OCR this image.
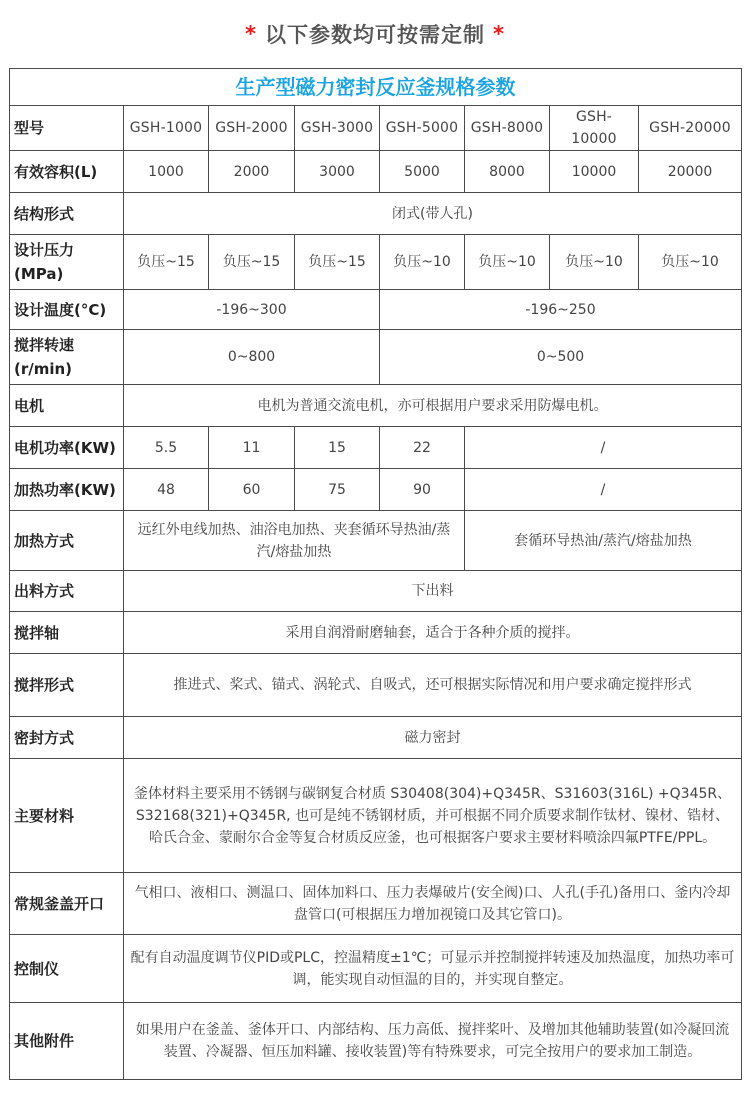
* 以下参数均可按需定制 *
生产型磁力密封反应釜规格参数							
型号	GSH-1000	GSH-2000	GSH-3000	GSH-5000	GSH-8000	GSH-10000	GSH-20000
有效容积(L)	1000	2000	3000	5000	8000	10000	20000
结构形式	闭式(带人孔)						
设计压力(MPa)	负压~15	负压~15	负压~15	负压~10	负压~10	负压~10	负压~10
设计温度(°C)	-196~300			-196~250			
搅拌转速(r/min)	0~800			0~500			
电机	电机为普通交流电机，亦可根据用户要求采用防爆电机。						
电机功率(KW)	5.5	11	15	22	/		
加热功率(KW)	48	60	75	90	/		
加热方式	远红外电线加热、油浴电加热、夹套循环导热油/蒸汽/熔盐加热				套循环导热油/蒸汽/熔盐加热		
出料方式	下出料						
搅拌轴	采用自润滑耐磨轴套，适合于各种介质的搅拌。						
搅拌形式	推进式、桨式、锚式、涡轮式、自吸式，还可根据实际情况和用户要求确定搅拌形式						
密封方式	磁力密封						
主要材料	釜体材料主要采用不锈钢与碳钢复合材质 S30408(304)+Q345R、S31603(316L) +Q345R、S32168(321)+Q345R, 也可是纯不锈钢材质，并可根据不同介质要求制作钛材、镍材、锆材、哈氏合金、蒙耐尔合金等复合材质反应釜，也可根据客户要求主要材料喷涂四氟PTFE/PPL。						
常规釜盖开口	气相口、液相口、测温口、固体加料口、压力表爆破片(安全阀)口、人孔(手孔)备用口、釜内冷却盘管口(可根据压力增加视镜口及其它管口)。						
控制仪	配有自动温度调节仪PID或PLC，控温精度±1℃；可显示并控制搅拌转速及加热温度，加热功率可调，能实现自动恒温的目的，并实现自整定。						
其他附件	如果用户在釜盖、釜体开口、内部结构、压力高低、搅拌桨叶、及增加其他辅助装置(如冷凝回流装置、冷凝器、恒压加料罐、接收装置)等有特殊要求，可完全按用户的要求加工制造。						
